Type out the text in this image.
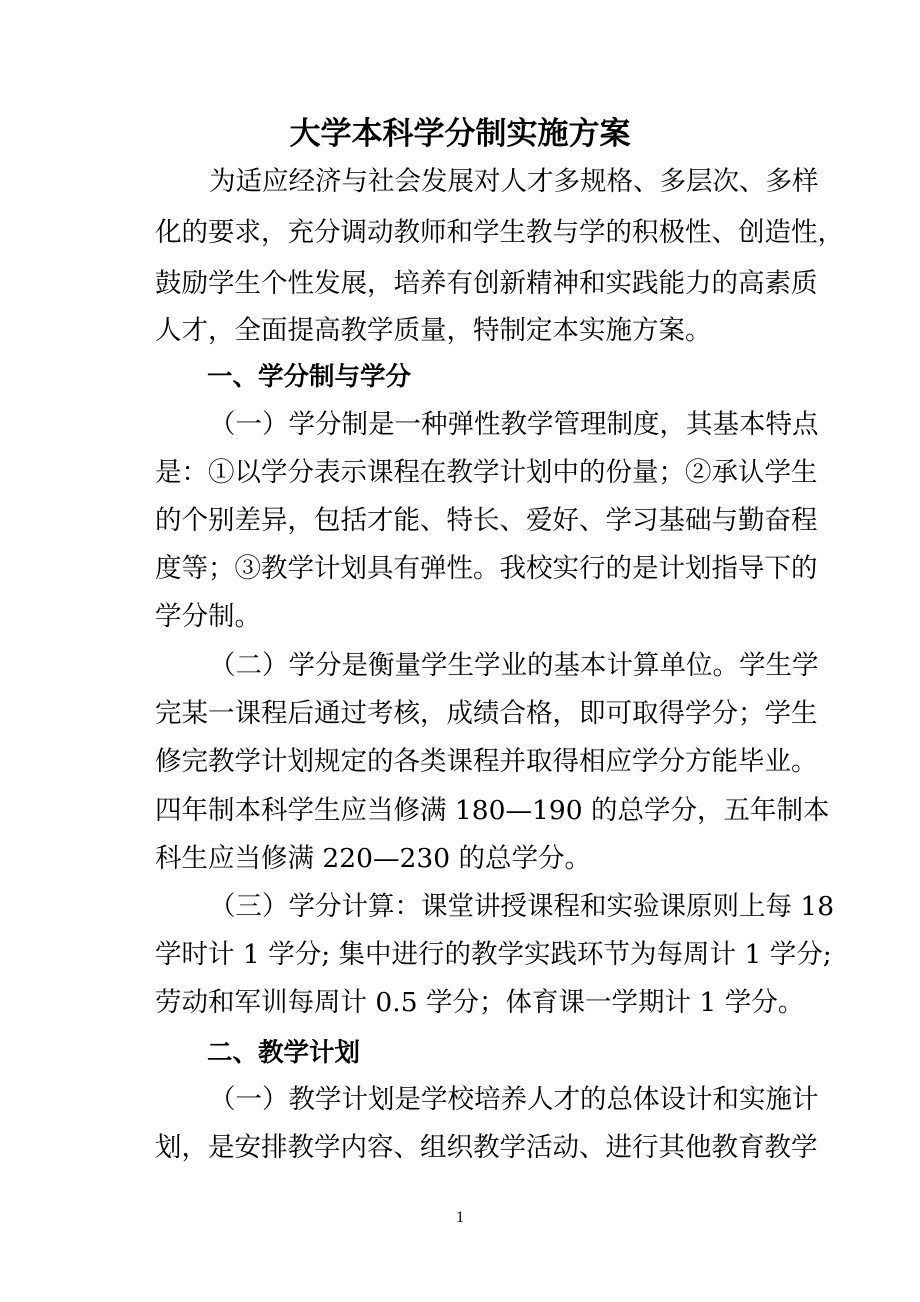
大学本科学分制实施方案
为适应经济与社会发展对人才多规格、多层次、多样
化的要求，充分调动教师和学生教与学的积极性、创造性，
鼓励学生个性发展，培养有创新精神和实践能力的高素质
人才，全面提高教学质量，特制定本实施方案。
一、学分制与学分
（一）学分制是一种弹性教学管理制度，其基本特点
是：①以学分表示课程在教学计划中的份量；②承认学生
的个别差异，包括才能、特长、爱好、学习基础与勤奋程
度等；③教学计划具有弹性。我校实行的是计划指导下的
学分制。
（二）学分是衡量学生学业的基本计算单位。学生学
完某一课程后通过考核，成绩合格，即可取得学分；学生
修完教学计划规定的各类课程并取得相应学分方能毕业。
四年制本科学生应当修满 180—190 的总学分，五年制本
科生应当修满 220—230 的总学分。
（三）学分计算：课堂讲授课程和实验课原则上每 18
学时计 1 学分; 集中进行的教学实践环节为每周计 1 学分;
劳动和军训每周计 0.5 学分；体育课一学期计 1 学分。
二、教学计划
（一）教学计划是学校培养人才的总体设计和实施计
划，是安排教学内容、组织教学活动、进行其他教育教学
1
